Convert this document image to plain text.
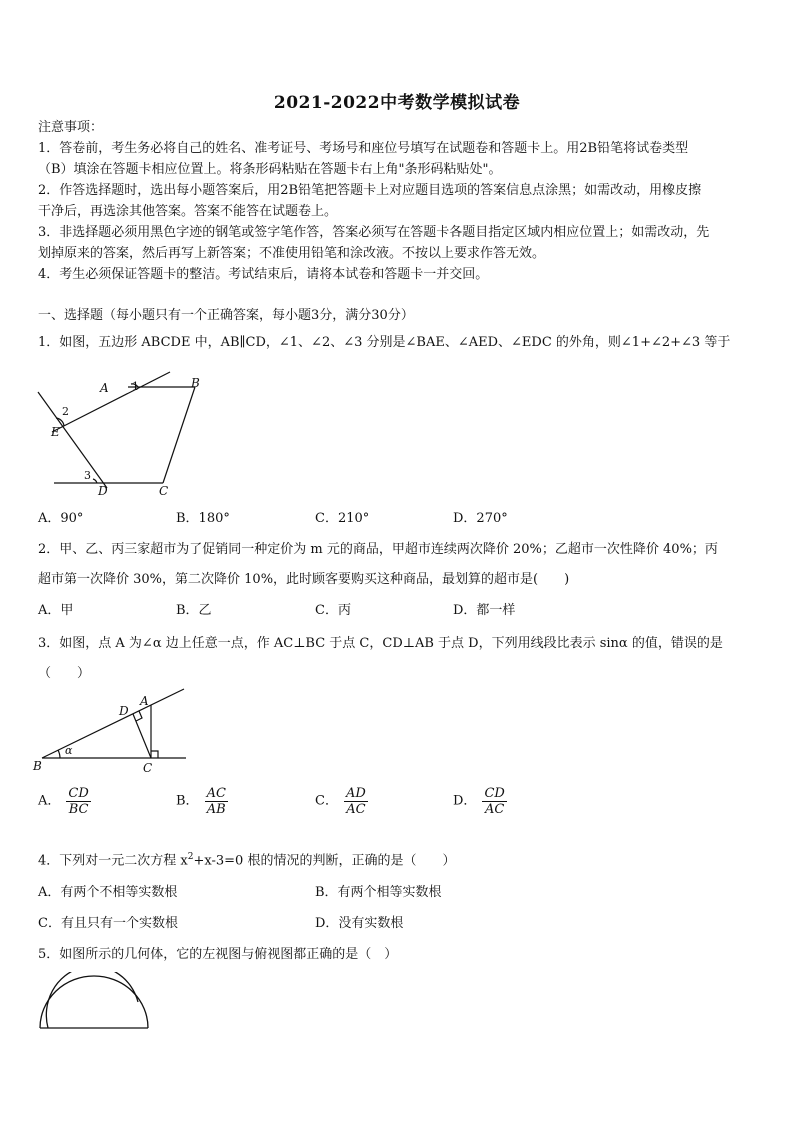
2021-2022中考数学模拟试卷
注意事项：
1．答卷前，考生务必将自己的姓名、准考证号、考场号和座位号填写在试题卷和答题卡上。用2B铅笔将试卷类型
（B）填涂在答题卡相应位置上。将条形码粘贴在答题卡右上角"条形码粘贴处"。
2．作答选择题时，选出每小题答案后，用2B铅笔把答题卡上对应题目选项的答案信息点涂黑；如需改动，用橡皮擦
干净后，再选涂其他答案。答案不能答在试题卷上。
3．非选择题必须用黑色字迹的钢笔或签字笔作答，答案必须写在答题卡各题目指定区域内相应位置上；如需改动，先
划掉原来的答案，然后再写上新答案；不准使用铅笔和涂改液。不按以上要求作答无效。
4．考生必须保证答题卡的整洁。考试结束后，请将本试卷和答题卡一并交回。
一、选择题（每小题只有一个正确答案，每小题3分，满分30分）
1．如图，五边形 ABCDE 中，AB∥CD，∠1、∠2、∠3 分别是∠BAE、∠AED、∠EDC 的外角，则∠1+∠2+∠3 等于
A	B
C
D
E
1
2
3
A．90°	B．180°	C．210°	D．270°
2．甲、乙、丙三家超市为了促销同一种定价为 m 元的商品，甲超市连续两次降价 20%；乙超市一次性降价 40%；丙
超市第一次降价 30%，第二次降价 10%，此时顾客要购买这种商品，最划算的超市是(　　)
A．甲	B．乙	C．丙	D．都一样
3．如图，点 A 为∠α 边上任意一点，作 AC⊥BC 于点 C，CD⊥AB 于点 D，下列用线段比表示 sinα 的值，错误的是
（　　）
A
B	C
D
α
A． $\frac{CD}{BC}$	B． $\frac{AC}{AB}$	C． $\frac{AD}{AC}$	D． $\frac{CD}{AC}$
4．下列对一元二次方程 $x^2+x-3=0$ 根的情况的判断，正确的是（　　）
A．有两个不相等实数根	B．有两个相等实数根
C．有且只有一个实数根	D．没有实数根
5．如图所示的几何体，它的左视图与俯视图都正确的是（　）
